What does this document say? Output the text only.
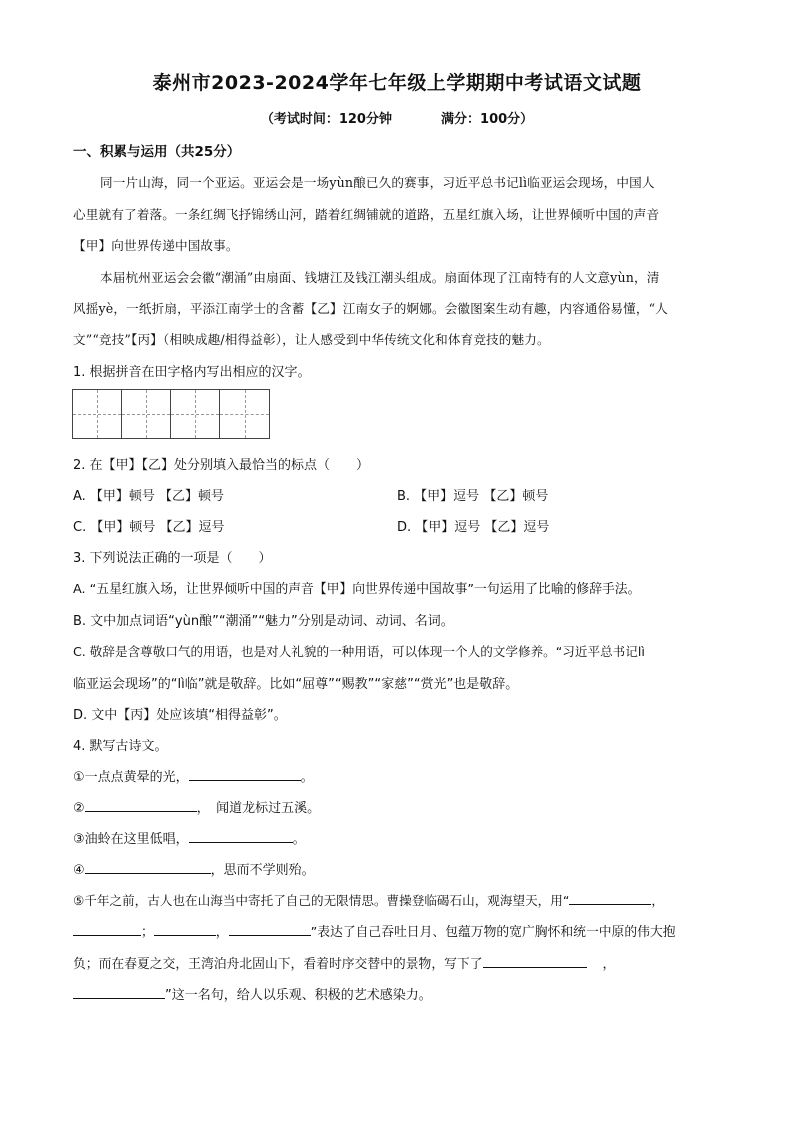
泰州市2023-2024学年七年级上学期期中考试语文试题
（考试时间：120分钟	满分：100分）
一、积累与运用（共25分）
同一片山海，同一个亚运。亚运会是一场yùn酿已久的赛事，习近平总书记lì临亚运会现场，中国人
心里就有了着落。一条红绸飞抒锦绣山河，踏着红绸铺就的道路，五星红旗入场，让世界倾听中国的声音
【甲】向世界传递中国故事。
本届杭州亚运会会徽“潮涌”由扇面、钱塘江及钱江潮头组成。扇面体现了江南特有的人文意yùn，清
风摇yè，一纸折扇，平添江南学士的含蓄【乙】江南女子的婀娜。会徽图案生动有趣，内容通俗易懂，“人
文”“竞技”【丙】（相映成趣/相得益彰），让人感受到中华传统文化和体育竞技的魅力。
1. 根据拼音在田字格内写出相应的汉字。
2. 在【甲】【乙】处分别填入最恰当的标点（　　）
A. 【甲】顿号 【乙】顿号	B. 【甲】逗号 【乙】顿号
C. 【甲】顿号 【乙】逗号	D. 【甲】逗号 【乙】逗号
3. 下列说法正确的一项是（　　）
A. “五星红旗入场，让世界倾听中国的声音【甲】向世界传递中国故事”一句运用了比喻的修辞手法。
B. 文中加点词语“yùn酿”“潮涌”“魅力”分别是动词、动词、名词。
C. 敬辞是含尊敬口气的用语，也是对人礼貌的一种用语，可以体现一个人的文学修养。“习近平总书记lì
临亚运会现场”的“lì临”就是敬辞。比如“屈尊”“赐教”“家慈”“赏光”也是敬辞。
D. 文中【丙】处应该填“相得益彰”。
4. 默写古诗文。
①一点点黄晕的光，	。
②	，　闻道龙标过五溪。
③油蛉在这里低唱，	。
④	，思而不学则殆。
⑤千年之前，古人也在山海当中寄托了自己的无限情思。曹操登临碣石山，观海望天，用“	，
；	，	”表达了自己吞吐日月、包蕴万物的宽广胸怀和统一中原的伟大抱
负；而在春夏之交，王湾泊舟北固山下，看着时序交替中的景物，写下了	，
”这一名句，给人以乐观、积极的艺术感染力。
